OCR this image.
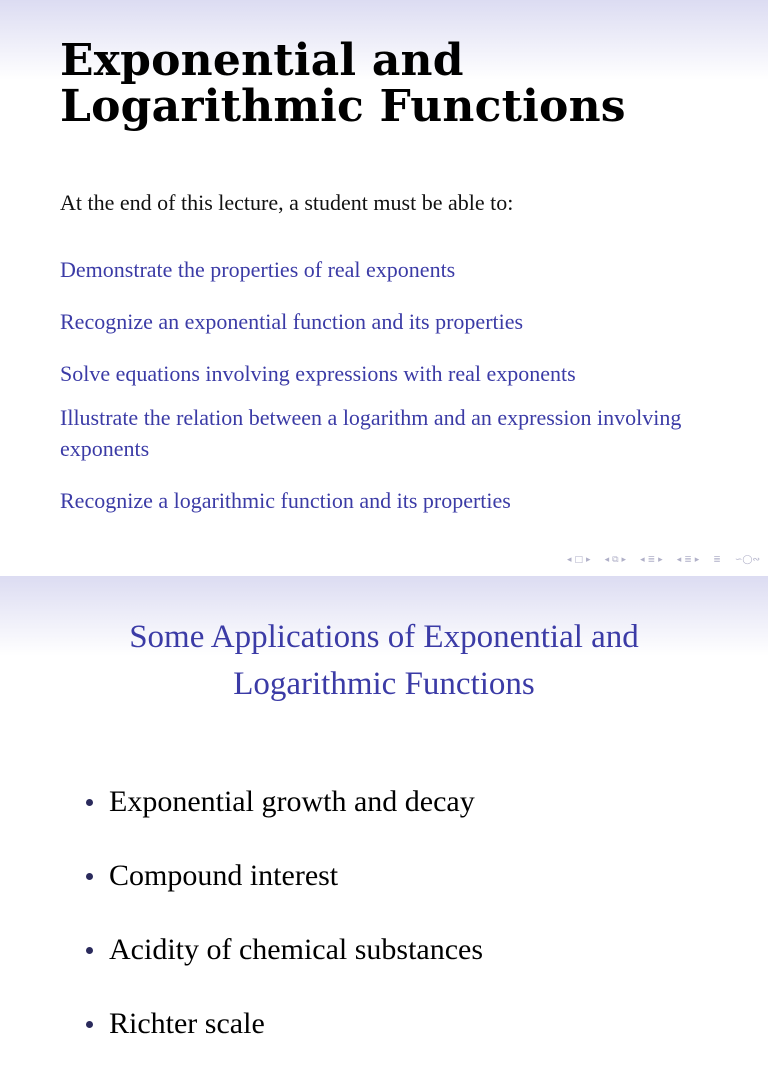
Exponential and
Logarithmic Functions
At the end of this lecture, a student must be able to:
Demonstrate the properties of real exponents
Recognize an exponential function and its properties
Solve equations involving expressions with real exponents
Illustrate the relation between a logarithm and an expression involving exponents
Recognize a logarithmic function and its properties
◂ □ ▸ ◂ ⧉ ▸ ◂ ≣ ▸ ◂ ≣ ▸ ≣ ∽◯∾
Some Applications of Exponential and
Logarithmic Functions
Exponential growth and decay
Compound interest
Acidity of chemical substances
Richter scale
